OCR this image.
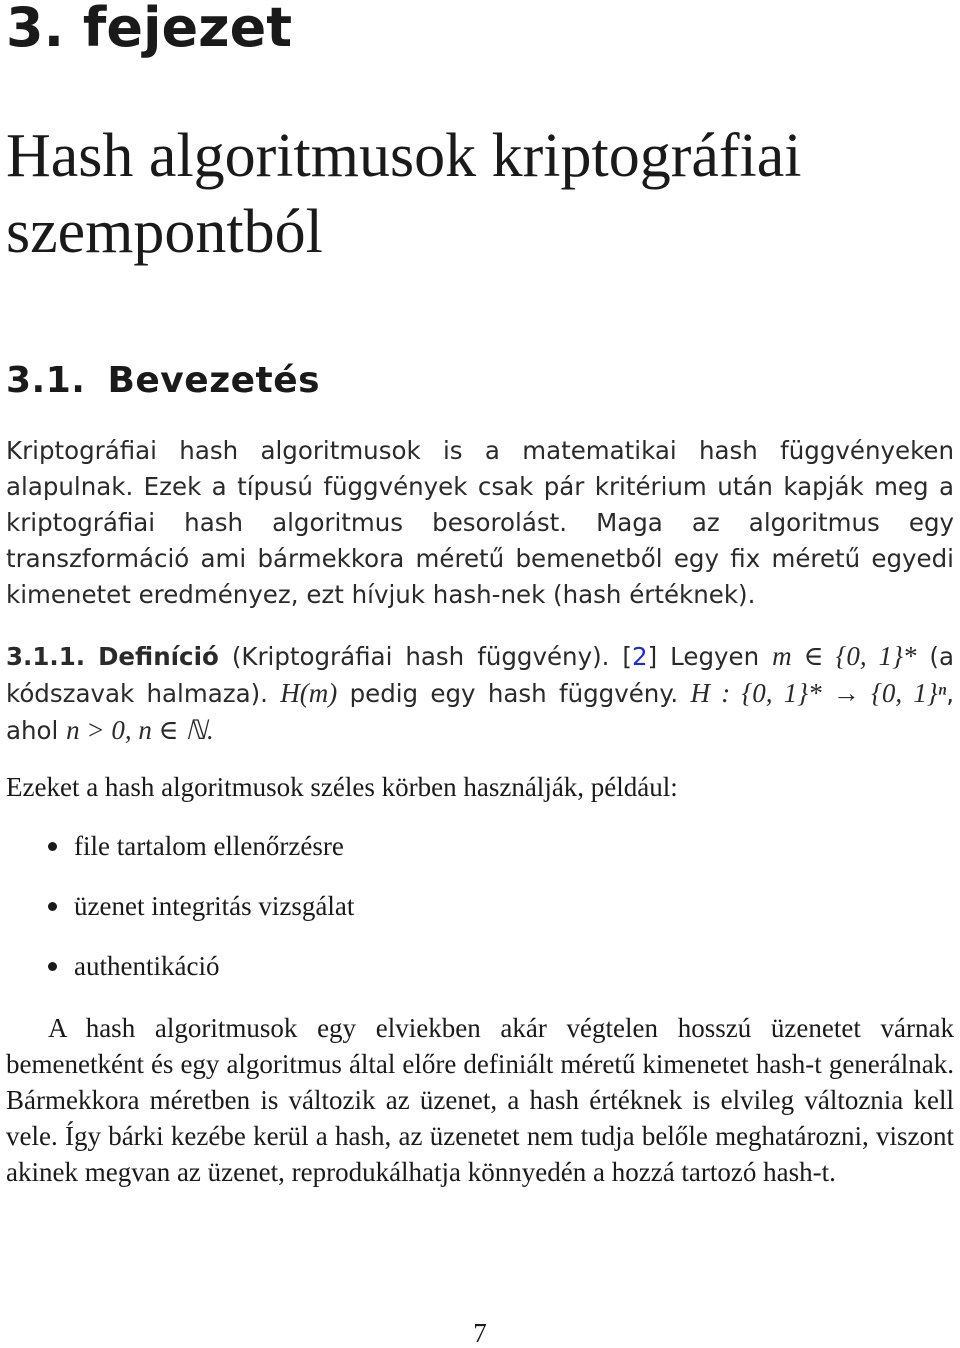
3. fejezet
Hash algoritmusok kriptográfiai szempontból
3.1. Bevezetés

Kriptográfiai hash algoritmusok is a matematikai hash függvényeken alapulnak. Ezek a típusú függvények csak pár kritérium után kapják meg a kriptográfiai hash algoritmus besorolást. Maga az algoritmus egy transzformáció ami bármekkora méretű bemenetből egy fix méretű egyedi kimenetet eredményez, ezt hívjuk hash-nek (hash értéknek).

3.1.1. Definíció (Kriptográfiai hash függvény). [2] Legyen m ∈ {0, 1}* (a kódszavak halmaza). H(m) pedig egy hash függvény. H : {0, 1}* → {0, 1}ⁿ, ahol n > 0, n ∈ ℕ.

Ezeket a hash algoritmusok széles körben használják, például:

file tartalom ellenőrzésre
üzenet integritás vizsgálat
authentikáció

A hash algoritmusok egy elviekben akár végtelen hosszú üzenetet várnak bemenetként és egy algoritmus által előre definiált méretű kimenetet hash-t generálnak. Bármekkora méretben is változik az üzenet, a hash értéknek is elvileg változnia kell vele. Így bárki kezébe kerül a hash, az üzenetet nem tudja belőle meghatározni, viszont akinek megvan az üzenet, reprodukálhatja könnyedén a hozzá tartozó hash-t.

7
